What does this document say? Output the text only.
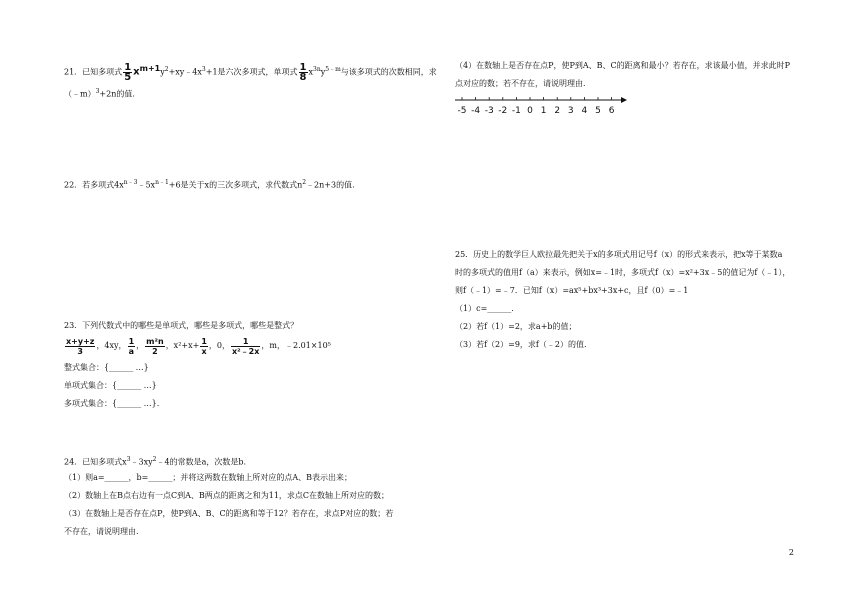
21．已知多项式 $\frac{1}{5}$ $x^{m+1}y^2+xy﹣4x^3+1$是六次多项式，单项式 $\frac{1}{8} x^{3n}y^{5﹣m}$与该多项式的次数相同，求
（﹣m）$^3$+2n的值.
22．若多项式$4x^{n﹣3}﹣5x^{n﹣1}+6$是关于x的三次多项式，求代数式$n^2﹣2n+3$的值.
23．下列代数式中的哪些是单项式，哪些是多项式，哪些是整式？
$\frac{x+y+z}{3}$ ，4xy， $\frac{1}{a}$ ， $\frac{\text{m²n}}{2}$ ，$x^2+x+ \frac{1}{x}$ ，0， $\frac{1}{\text{x²﹣2x}}$ ，m，﹣2.01×10⁵
整式集合：{______ …}
单项式集合：{______ …}
多项式集合：{______ …}.
24．已知多项式$x^3﹣3xy^2﹣4$的常数是a，次数是b.
（1）则a=______，b=______；并将这两数在数轴上所对应的点A、B表示出来；
（2）数轴上在B点右边有一点C到A、B两点的距离之和为11，求点C在数轴上所对应的数；
（3）在数轴上是否存在点P，使P到A、B、C的距离和等于12？若存在，求点P对应的数；若
不存在，请说明理由.
（4）在数轴上是否存在点P，使P到A、B、C的距离和最小？若存在，求该最小值，并求此时P
点对应的数；若不存在，请说明理由.
-5 -4 -3 -2 -1 0 1 2 3 4 5 6
25．历史上的数学巨人欧拉最先把关于x的多项式用记号f（x）的形式来表示，把x等于某数a
时的多项式的值用f（a）来表示，例如x=﹣1时，多项式f（x）=x²+3x﹣5的值记为f（﹣1），
则f（﹣1）=﹣7．已知f（x）=ax⁵+bx³+3x+c，且f（0）=﹣1
（1）c=______.
（2）若f（1）=2，求a+b的值；
（3）若f（2）=9，求f（﹣2）的值.
2
